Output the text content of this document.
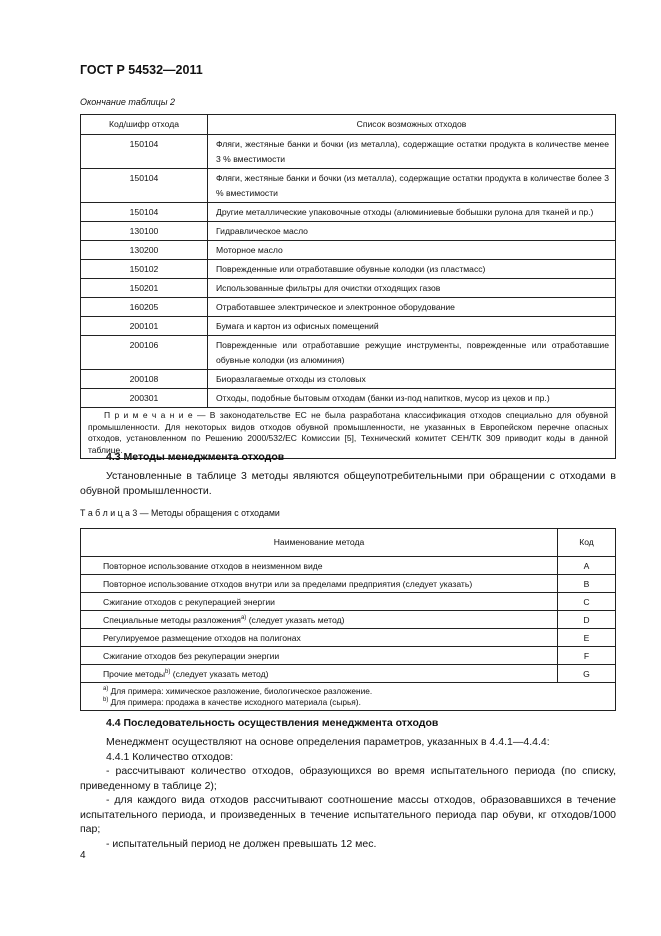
ГОСТ Р 54532—2011
Окончание таблицы 2
Код/шифр отхода	Список возможных отходов
150104	Фляги, жестяные банки и бочки (из металла), содержащие остатки продукта в количестве менее 3 % вместимости
150104	Фляги, жестяные банки и бочки (из металла), содержащие остатки продукта в количестве более 3 % вместимости
150104	Другие металлические упаковочные отходы (алюминиевые бобышки рулона для тканей и пр.)
130100	Гидравлическое масло
130200	Моторное масло
150102	Поврежденные или отработавшие обувные колодки (из пластмасс)
150201	Использованные фильтры для очистки отходящих газов
160205	Отработавшее электрическое и электронное оборудование
200101	Бумага и картон из офисных помещений
200106	Поврежденные или отработавшие режущие инструменты, поврежденные или отработавшие обувные колодки (из алюминия)
200108	Биоразлагаемые отходы из столовых
200301	Отходы, подобные бытовым отходам (банки из-под напитков, мусор из цехов и пр.)
П р и м е ч а н и е — В законодательстве ЕС не была разработана классификация отходов специально для обувной промышленности. Для некоторых видов отходов обувной промышленности, не указанных в Европейском перечне опасных отходов, установленном по Решению 2000/532/ЕС Комиссии [5], Технический комитет СЕН/ТК 309 приводит коды в данной таблице.	
4.3 Методы менеджмента отходов
Установленные в таблице 3 методы являются общеупотребительными при обращении с отходами в обувной промышленности.
Т а б л и ц а 3 — Методы обращения с отходами
Наименование метода	Код
Повторное использование отходов в неизменном виде	A
Повторное использование отходов внутри или за пределами предприятия (следует указать)	B
Сжигание отходов с рекуперацией энергии	C
Специальные методы разложения$^{а)}$ (следует указать метод)	D
Регулируемое размещение отходов на полигонах	E
Сжигание отходов без рекуперации энергии	F
Прочие методы$^{b)}$ (следует указать метод)	G

$^{а)}$ Для примера: химическое разложение, биологическое разложение.
$^{b)}$ Для примера: продажа в качестве исходного материала (сырья).	
4.4 Последовательность осуществления менеджмента отходов

Менеджмент осуществляют на основе определения параметров, указанных в 4.4.1—4.4.4:

4.4.1 Количество отходов:

- рассчитывают количество отходов, образующихся во время испытательного периода (по списку, приведенному в таблице 2);

- для каждого вида отходов рассчитывают соотношение массы отходов, образовавшихся в течение испытательного периода, и произведенных в течение испытательного периода пар обуви, кг отходов/1000 пар;

- испытательный период не должен превышать 12 мес.

4
